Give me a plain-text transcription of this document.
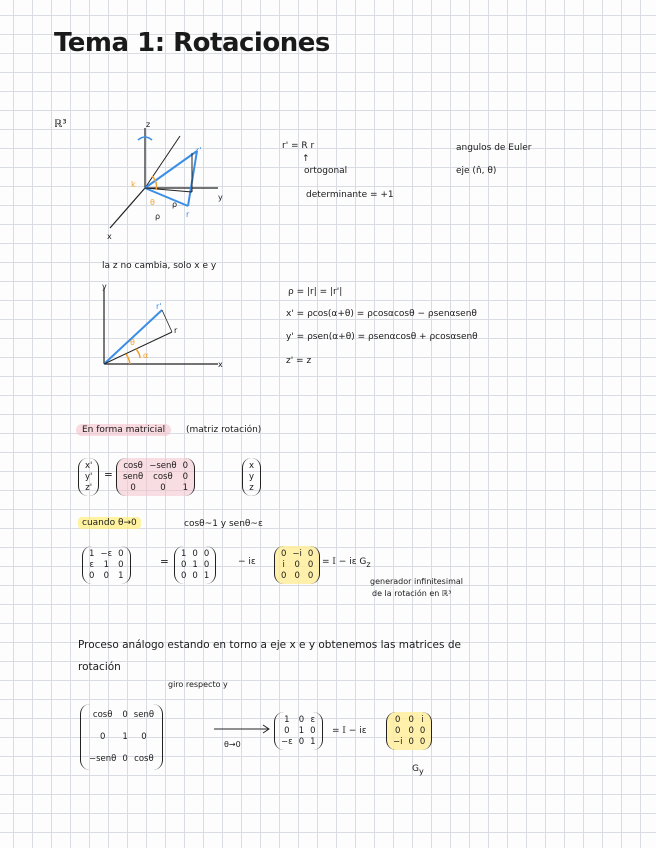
Tema 1: Rotaciones
ℝ³	z
y
x
r
r'
k
θ
ρ
ρ
r' = R r
↑
ortogonal
determinante = +1
angulos de Euler
eje (n̂, θ)
la z no cambia, solo x e y
y
x
r'
r
θ
α
ρ = |r| = |r'|
x' = ρcos(α+θ) = ρcosαcosθ − ρsenαsenθ
y' = ρsen(α+θ) = ρsenαcosθ + ρcosαsenθ
z' = z
En forma matricial (matriz rotación)
x'
y'
z'
=
cosθ −senθ 0
senθ	cosθ	0
0	0	1
x
y
z
cuando θ→0	cosθ~1 y senθ~ε
1 −ε 0
ε	1	0
0	0	1
=
1 0 0
0 1 0
0 0 1
− iε
0 −i 0
i 0 0
0 0 0
= 𝕀 − iε $G_z$
generador infinitesimal
de la rotación en ℝ³
Proceso análogo estando en torno a eje x e y obtenemos las matrices de
rotación
giro respecto y
cosθ	0 senθ
0	1	0
−senθ 0 cosθ
θ→0
1	0 ε
0	1 0
−ε 0 1
= 𝕀 − iε
0 0 i
0 0 0
−i 0 0
$G_y$
